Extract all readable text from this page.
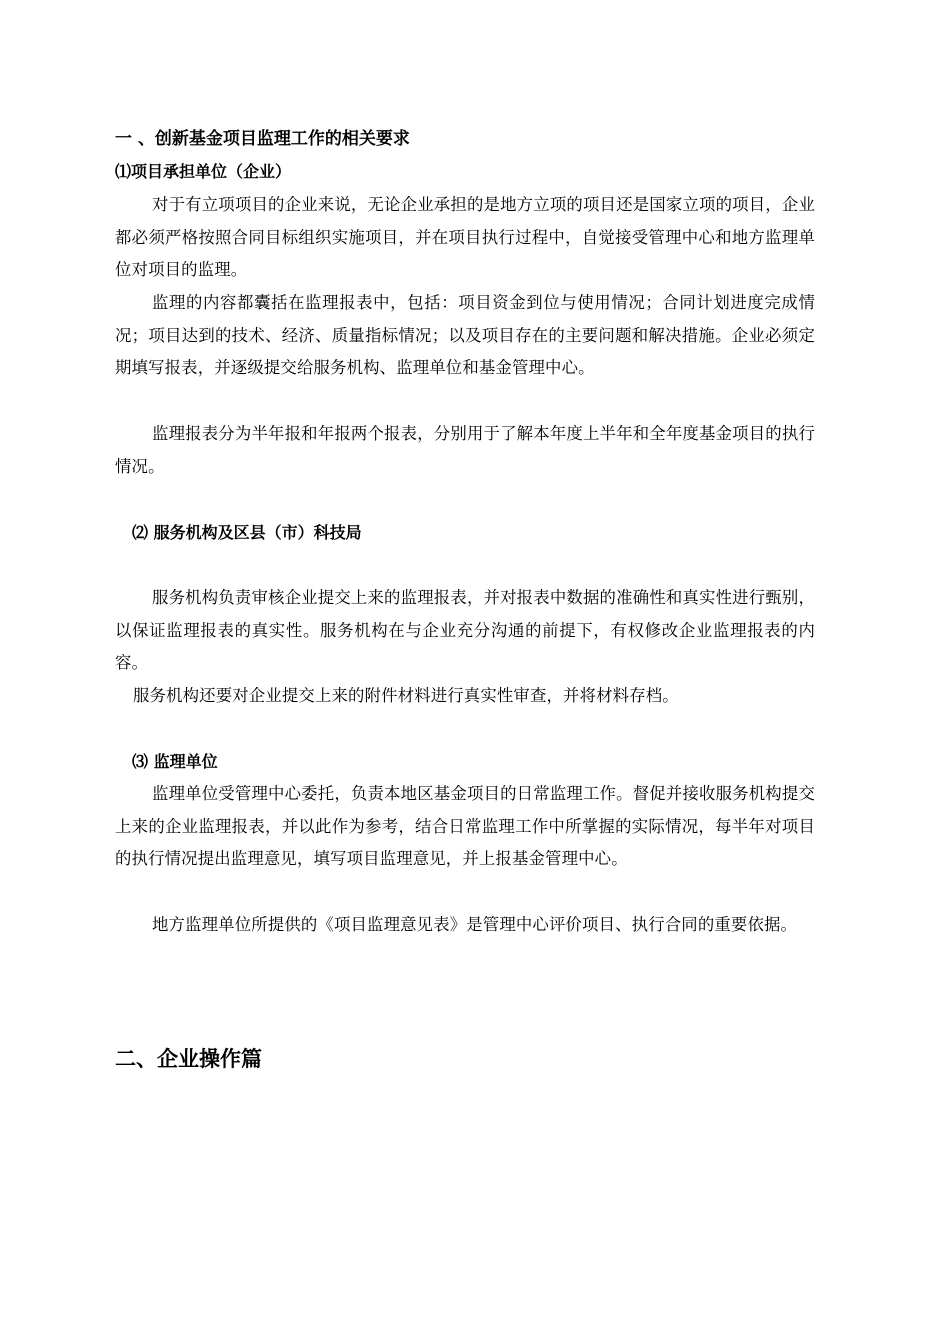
一 、创新基金项目监理工作的相关要求
⑴项目承担单位（企业）

对于有立项项目的企业来说，无论企业承担的是地方立项的项目还是国家立项的项目，企业都必须严格按照合同目标组织实施项目，并在项目执行过程中，自觉接受管理中心和地方监理单位对项目的监理。

监理的内容都囊括在监理报表中，包括：项目资金到位与使用情况；合同计划进度完成情况；项目达到的技术、经济、质量指标情况；以及项目存在的主要问题和解决措施。企业必须定期填写报表，并逐级提交给服务机构、监理单位和基金管理中心。

监理报表分为半年报和年报两个报表，分别用于了解本年度上半年和全年度基金项目的执行情况。

⑵ 服务机构及区县（市）科技局

服务机构负责审核企业提交上来的监理报表，并对报表中数据的准确性和真实性进行甄别，以保证监理报表的真实性。服务机构在与企业充分沟通的前提下，有权修改企业监理报表的内容。

服务机构还要对企业提交上来的附件材料进行真实性审查，并将材料存档。

⑶ 监理单位

监理单位受管理中心委托，负责本地区基金项目的日常监理工作。督促并接收服务机构提交上来的企业监理报表，并以此作为参考，结合日常监理工作中所掌握的实际情况，每半年对项目的执行情况提出监理意见，填写项目监理意见，并上报基金管理中心。

地方监理单位所提供的《项目监理意见表》是管理中心评价项目、执行合同的重要依据。

二、企业操作篇
